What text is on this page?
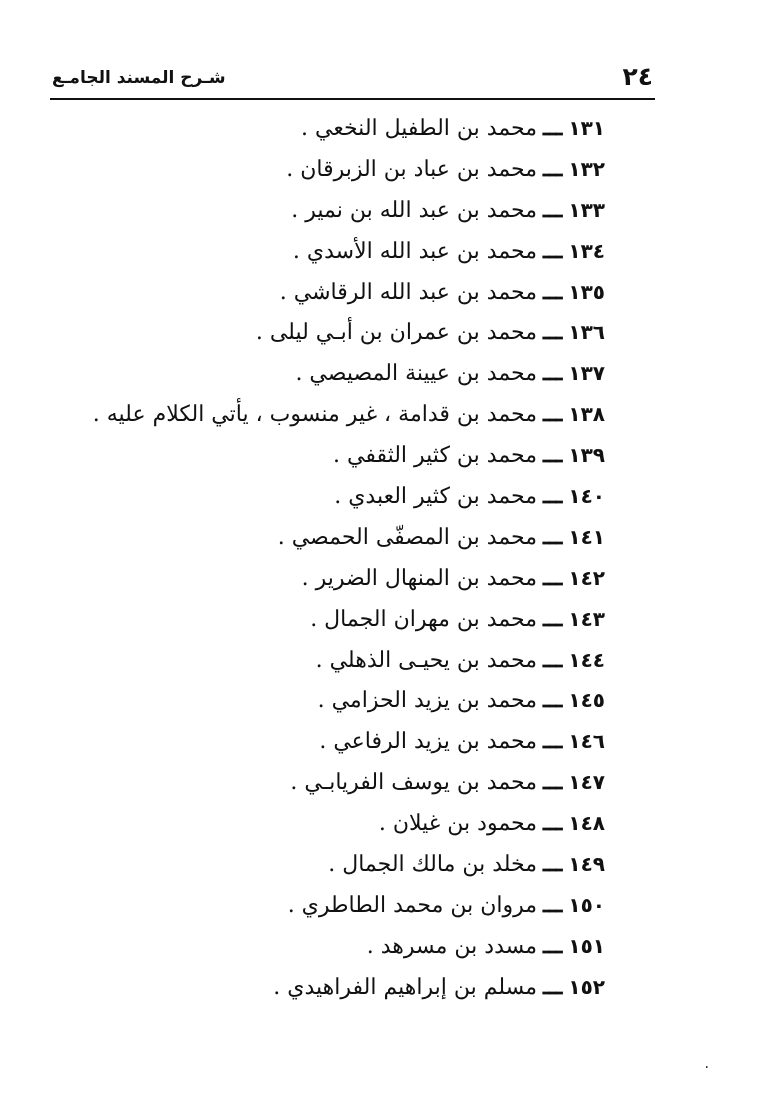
٢٤
شـرح المسند الجامـع
١٣١ـــمحمد بن الطفيل النخعي .
١٣٢ـــمحمد بن عباد بن الزبرقان .
١٣٣ـــمحمد بن عبد الله بن نمير .
١٣٤ـــمحمد بن عبد الله الأسدي .
١٣٥ـــمحمد بن عبد الله الرقاشي .
١٣٦ـــمحمد بن عمران بن أبـي ليلى .
١٣٧ـــمحمد بن عيينة المصيصي .
١٣٨ـــمحمد بن قدامة ، غير منسوب ، يأتي الكلام عليه .
١٣٩ـــمحمد بن كثير الثقفي .
١٤٠ـــمحمد بن كثير العبدي .
١٤١ـــمحمد بن المصفّى الحمصي .
١٤٢ـــمحمد بن المنهال الضرير .
١٤٣ـــمحمد بن مهران الجمال .
١٤٤ـــمحمد بن يحيـى الذهلي .
١٤٥ـــمحمد بن يزيد الحزامي .
١٤٦ـــمحمد بن يزيد الرفاعي .
١٤٧ـــمحمد بن يوسف الفريابـي .
١٤٨ـــمحمود بن غيلان .
١٤٩ـــمخلد بن مالك الجمال .
١٥٠ـــمروان بن محمد الطاطري .
١٥١ـــمسدد بن مسرهد .
١٥٢ـــمسلم بن إبراهيم الفراهيدي .
٠
